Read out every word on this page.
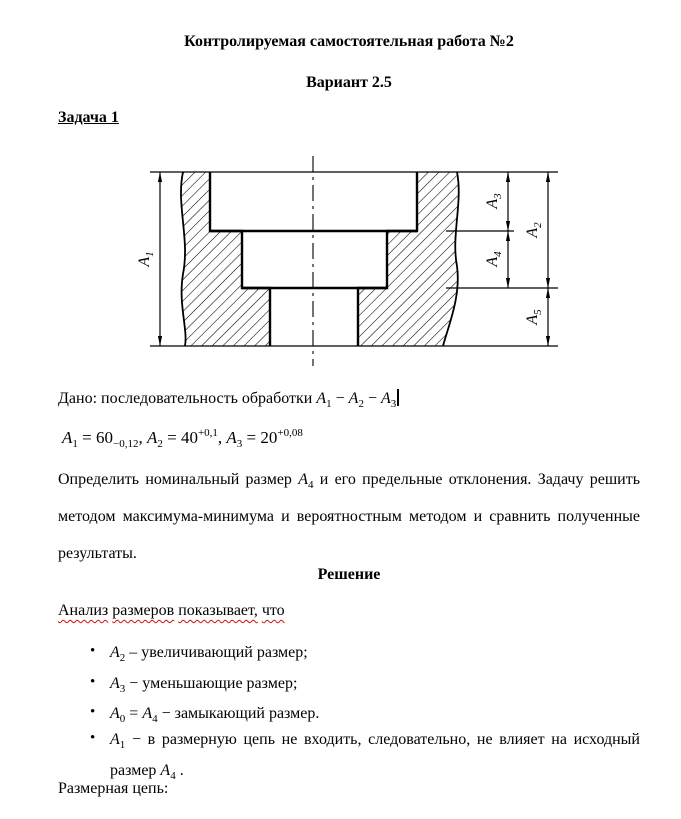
Контролируемая самостоятельная работа №2
Вариант 2.5
Задача 1
$A_1$
$A_3$
$A_4$
$A_2$
$A_5$
Дано: последовательность обработки $A_1 - A_2 - A_3$
$A_1 = 60_{-0,12}$, $A_2 = 40^{+0,1}$, $A_3 = 20^{+0,08}$
Определить номинальный размер $A_4$ и его предельные отклонения. Задачу решить методом максимума-минимума и вероятностным методом и сравнить полученные результаты.
Решение
Анализ размеров показывает, что
• $A_2$ – увеличивающий размер;
• $A_3$ − уменьшающие размер;
• $A_0 = A_4$ − замыкающий размер.
• $A_1 - в$ размерную цепь не входить, следовательно, не влияет на исходный размер $A_4$ .
Размерная цепь:
